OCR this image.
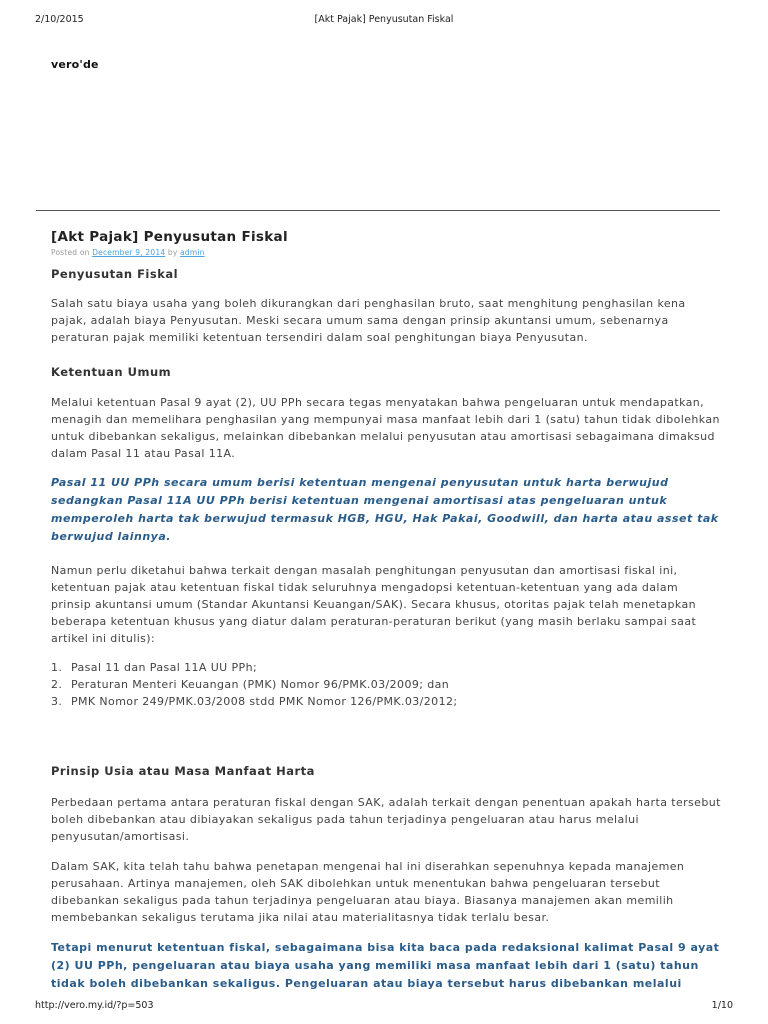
2/10/2015	[Akt Pajak] Penyusutan Fiskal
vero'de
[Akt Pajak] Penyusutan Fiskal
Posted on December 9, 2014 by admin
Penyusutan Fiskal

Salah satu biaya usaha yang boleh dikurangkan dari penghasilan bruto, saat menghitung penghasilan kena pajak, adalah biaya Penyusutan. Meski secara umum sama dengan prinsip akuntansi umum, sebenarnya peraturan pajak memiliki ketentuan tersendiri dalam soal penghitungan biaya Penyusutan.

Ketentuan Umum

Melalui ketentuan Pasal 9 ayat (2), UU PPh secara tegas menyatakan bahwa pengeluaran untuk mendapatkan, menagih dan memelihara penghasilan yang mempunyai masa manfaat lebih dari 1 (satu) tahun tidak dibolehkan untuk dibebankan sekaligus, melainkan dibebankan melalui penyusutan atau amortisasi sebagaimana dimaksud dalam Pasal 11 atau Pasal 11A.

Pasal 11 UU PPh secara umum berisi ketentuan mengenai penyusutan untuk harta berwujud sedangkan Pasal 11A UU PPh berisi ketentuan mengenai amortisasi atas pengeluaran untuk memperoleh harta tak berwujud termasuk HGB, HGU, Hak Pakai, Goodwill, dan harta atau asset tak berwujud lainnya.

Namun perlu diketahui bahwa terkait dengan masalah penghitungan penyusutan dan amortisasi fiskal ini, ketentuan pajak atau ketentuan fiskal tidak seluruhnya mengadopsi ketentuan-ketentuan yang ada dalam prinsip akuntansi umum (Standar Akuntansi Keuangan/SAK). Secara khusus, otoritas pajak telah menetapkan beberapa ketentuan khusus yang diatur dalam peraturan-peraturan berikut (yang masih berlaku sampai saat artikel ini ditulis):

1. Pasal 11 dan Pasal 11A UU PPh;
2. Peraturan Menteri Keuangan (PMK) Nomor 96/PMK.03/2009; dan
3. PMK Nomor 249/PMK.03/2008 stdd PMK Nomor 126/PMK.03/2012;
Prinsip Usia atau Masa Manfaat Harta

Perbedaan pertama antara peraturan fiskal dengan SAK, adalah terkait dengan penentuan apakah harta tersebut boleh dibebankan atau dibiayakan sekaligus pada tahun terjadinya pengeluaran atau harus melalui penyusutan/amortisasi.

Dalam SAK, kita telah tahu bahwa penetapan mengenai hal ini diserahkan sepenuhnya kepada manajemen perusahaan. Artinya manajemen, oleh SAK dibolehkan untuk menentukan bahwa pengeluaran tersebut dibebankan sekaligus pada tahun terjadinya pengeluaran atau biaya. Biasanya manajemen akan memilih membebankan sekaligus terutama jika nilai atau materialitasnya tidak terlalu besar.

Tetapi menurut ketentuan fiskal, sebagaimana bisa kita baca pada redaksional kalimat Pasal 9 ayat (2) UU PPh, pengeluaran atau biaya usaha yang memiliki masa manfaat lebih dari 1 (satu) tahun tidak boleh dibebankan sekaligus. Pengeluaran atau biaya tersebut harus dibebankan melalui

http://vero.my.id/?p=503	1/10
